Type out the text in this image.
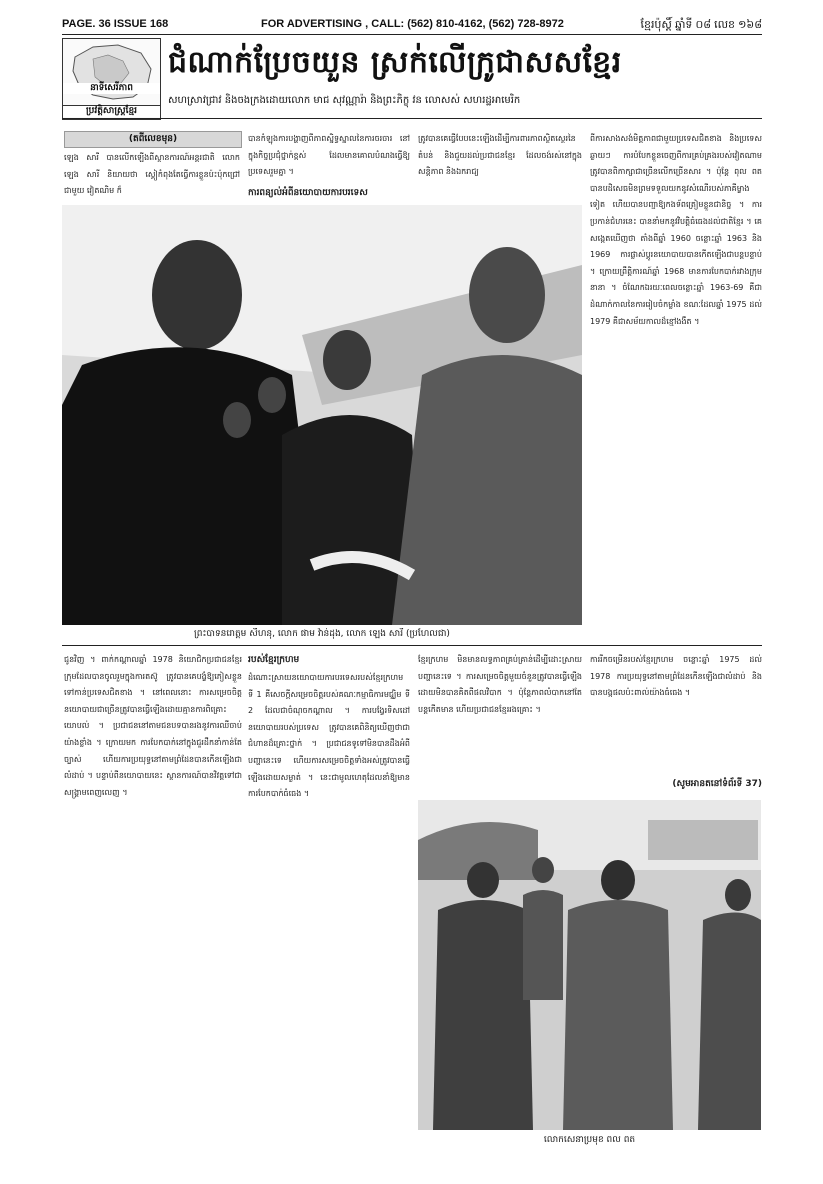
PAGE. 36 ISSUE 168	FOR ADVERTISING , CALL: (562) 810-4162, (562) 728-8972	ខ្មែរប៉ុស្តិ៍ ឆ្នាំទី ០៨ លេខ ១៦៨
នាទីសេរីភាព
ប្រវត្តិសាស្ត្រខ្មែរ
ជំណាក់ប្រែចយួន ស្រក់លើក្រូជាសសខ្មែរ
សហស្រាវជ្រាវ និងចងក្រងដោយលោក មាជ សុវណ្ណារ៉ា និងព្រះភិក្ខុ វន លោសស់ សហរដ្ឋអាមេរិក
(តពីលេខមុន)
ឡេង សារី បានលើកឡើងពីស្ថានការណ៍អន្តរជាតិ លោក ឡេង សារី និយាយថា ស្ដៀកំពុងតែធ្វើការខ្លួនប៉ះប៉ុកជ្រៅជាមួយ វៀតណិម ក៏
បានកំឡុងការបង្ហាញពីភាពស្និទ្ធស្នាលនៃការចរចារ នៅក្នុងកិច្ចប្រជុំថ្នាក់ខ្ពស់ ដែលមានគោលបំណងធ្វើឱ្យប្រទេសរួមគ្នា ។
ការពន្យល់អំពីនយោបាយការបរទេស
ត្រូវបានគេធ្វើបែបនេះឡើងដើម្បីការពារភាពស្ថិតស្ថេរនៃតំបន់ និងជួយដល់ប្រជាជនខ្មែរ ដែលចង់រស់នៅក្នុងសន្តិភាព និងឯករាជ្យ
ពីការសាងសង់មិត្តភាពជាមួយប្រទេសជិតខាង និងប្រទេសឆ្ងាយៗ ការបំបែកខ្លួនចេញពីការគ្រប់គ្រងរបស់វៀតណាម ត្រូវបានពិភាក្សាជាច្រើនលើកច្រើនសារ ។ ប៉ុន្តែ ពុល ពត បានបដិសេធមិនព្រមទទួលយកនូវសំណើរបស់ភាគីម្ខាងទៀត ហើយបានបញ្ជាឱ្យកងទ័ពត្រៀមខ្លួនជានិច្ច ។ ការប្រកាន់ជំហរនេះ បាននាំមកនូវវិបត្តិធំធេងដល់ជាតិខ្មែរ ។ គេសង្កេតឃើញថា តាំងពីឆ្នាំ 1960 ចន្លោះឆ្នាំ 1963 និង 1969 ការផ្លាស់ប្ដូរនយោបាយបានកើតឡើងជាបន្តបន្ទាប់ ។ ក្រោយព្រឹត្តិការណ៍ឆ្នាំ 1968 មានការបែកបាក់រវាងក្រុមនានា ។ ចំណែកឯរយៈពេលចន្លោះឆ្នាំ 1963-69 គឺជាដំណាក់កាលនៃការរៀបចំកម្លាំង ខណៈដែលឆ្នាំ 1975 ដល់ 1979 គឺជាសម័យកាលដ៏ខ្មៅងងឹត ។
ព្រះបាទនរោត្តម សីហនុ, លោក ផាម វ៉ាន់ដុង, លោក ឡេង សារី (ប្រហែលជា)
ជូនវិញ ។ ពាក់កណ្ដាលឆ្នាំ 1978 និយោជិកប្រជាជនខ្មែរ ក្រុមដែលបានចូលរួមក្នុងការតស៊ូ ត្រូវបានគេបង្ខំឱ្យភៀសខ្លួនទៅកាន់ប្រទេសជិតខាង ។ នៅពេលនោះ ការសម្រេចចិត្តនយោបាយជាច្រើនត្រូវបានធ្វើឡើងដោយគ្មានការពិគ្រោះយោបល់ ។ ប្រជាជននៅតាមជនបទបានរងនូវការឈឺចាប់យ៉ាងខ្លាំង ។ ក្រោយមក ការបែកបាក់នៅក្នុងជួរដឹកនាំកាន់តែច្បាស់ ហើយការប្រយុទ្ធនៅតាមព្រំដែនបានកើនឡើងជាលំដាប់ ។ បន្ទាប់ពីនយោបាយនេះ ស្ថានការណ៍បានវិវត្តទៅជាសង្គ្រាមពេញលេញ ។
របស់ខ្មែរក្រហម
ដំណោះស្រាយនយោបាយការបរទេសរបស់ខ្មែរក្រហម ទី 1 គឺសេចក្ដីសម្រេចចិត្តរបស់គណៈកម្មាធិការមជ្ឈិម ទី 2 ដែលជាចំណុចកណ្ដាល ។ ការបង្វែរទិសដៅនយោបាយរបស់ប្រទេស ត្រូវបានគេពិនិត្យឃើញថាជាជំហានដ៏គ្រោះថ្នាក់ ។ ប្រជាជនទូទៅមិនបានដឹងអំពីបញ្ហានេះទេ ហើយការសម្រេចចិត្តទាំងអស់ត្រូវបានធ្វើឡើងដោយសម្ងាត់ ។ នេះជាមូលហេតុដែលនាំឱ្យមានការបែកបាក់ធំធេង ។
ខ្មែរក្រហម មិនមានលទ្ធភាពគ្រប់គ្រាន់ដើម្បីដោះស្រាយបញ្ហានេះទេ ។ ការសម្រេចចិត្តមួយចំនួនត្រូវបានធ្វើឡើងដោយមិនបានគិតពីផលវិបាក ។ ប៉ុន្តែភាពលំបាកនៅតែបន្តកើតមាន ហើយប្រជាជនខ្មែររងគ្រោះ ។
ការរីកចម្រើនរបស់ខ្មែរក្រហម ចន្លោះឆ្នាំ 1975 ដល់ 1978 ការប្រយុទ្ធនៅតាមព្រំដែនកើនឡើងជាលំដាប់ និងបានបង្កផលប៉ះពាល់យ៉ាងធំធេង ។
(សូមអានតនៅទំព័រទី 37)
លោកសេនាប្រមុខ ពល ពត
